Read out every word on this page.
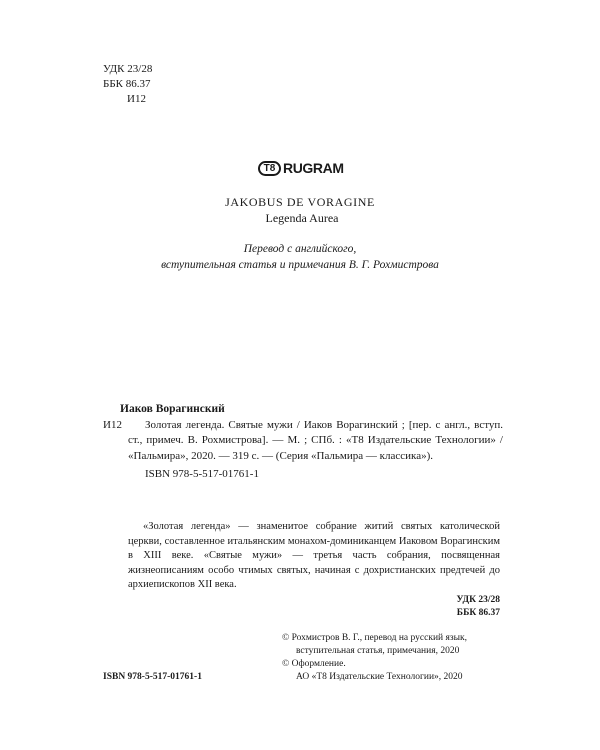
УДК 23/28
ББК 86.37
И12
T8 RUGRAM
JAKOBUS DE VORAGINE
Legenda Aurea
Перевод с английского,
вступительная статья и примечания В. Г. Рохмистрова
Иаков Ворагинский
И12	Золотая легенда. Святые мужи / Иаков Ворагинский ; [пер. с англ., вступ. ст., примеч. В. Рохмистрова]. — М. ; СПб. : «Т8 Издательские Технологии» / «Пальмира», 2020. — 319 с. — (Серия «Пальмира — классика»).
ISBN 978-5-517-01761-1
«Золотая легенда» — знаменитое собрание житий святых католической церкви, составленное итальянским монахом-доминиканцем Иаковом Ворагинским в XIII веке. «Святые мужи» — третья часть собрания, посвященная жизнеописаниям особо чтимых святых, начиная с дохристианских предтечей до архиепископов XII века.
УДК 23/28
ББК 86.37
© Рохмистров В. Г., перевод на русский язык,
вступительная статья, примечания, 2020
© Оформление.
АО «Т8 Издательские Технологии», 2020
ISBN 978-5-517-01761-1
